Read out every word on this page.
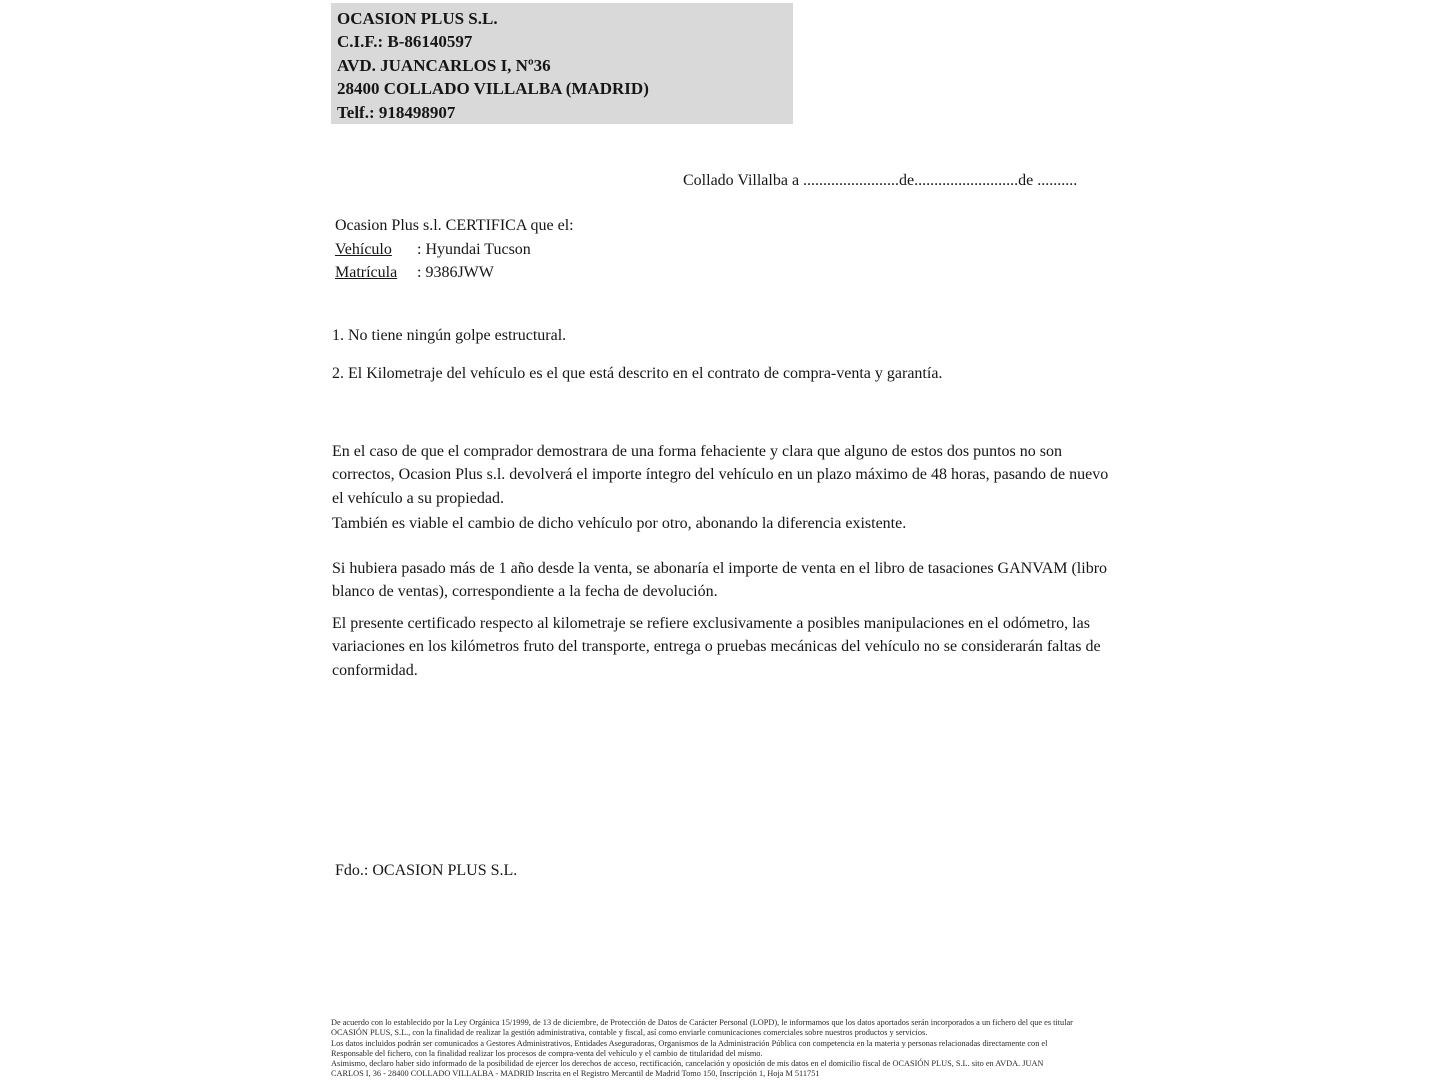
OCASION PLUS S.L.
C.I.F.: B-86140597
AVD. JUANCARLOS I, Nº36
28400 COLLADO VILLALBA (MADRID)
Telf.: 918498907
Collado Villalba a ........................de..........................de ..........
Ocasion Plus s.l. CERTIFICA que el:
Vehículo : Hyundai Tucson
Matrícula : 9386JWW
1. No tiene ningún golpe estructural.
2. El Kilometraje del vehículo es el que está descrito en el contrato de compra-venta y garantía.
En el caso de que el comprador demostrara de una forma fehaciente y clara que alguno de estos dos puntos no son correctos, Ocasion Plus s.l. devolverá el importe íntegro del vehículo en un plazo máximo de 48 horas, pasando de nuevo el vehículo a su propiedad.
También es viable el cambio de dicho vehículo por otro, abonando la diferencia existente.
Si hubiera pasado más de 1 año desde la venta, se abonaría el importe de venta en el libro de tasaciones GANVAM (libro blanco de ventas), correspondiente a la fecha de devolución.
El presente certificado respecto al kilometraje se refiere exclusivamente a posibles manipulaciones en el odómetro, las variaciones en los kilómetros fruto del transporte, entrega o pruebas mecánicas del vehículo no se considerarán faltas de conformidad.
Fdo.: OCASION PLUS S.L.
De acuerdo con lo establecido por la Ley Orgánica 15/1999, de 13 de diciembre, de Protección de Datos de Carácter Personal (LOPD), le informamos que los datos aportados serán incorporados a un fichero del que es titular
OCASIÓN PLUS, S.L., con la finalidad de realizar la gestión administrativa, contable y fiscal, así como enviarle comunicaciones comerciales sobre nuestros productos y servicios.
Los datos incluidos podrán ser comunicados a Gestores Administrativos, Entidades Aseguradoras, Organismos de la Administración Pública con competencia en la materia y personas relacionadas directamente con el
Responsable del fichero, con la finalidad realizar los procesos de compra-venta del vehículo y el cambio de titularidad del mismo.
Asimismo, declaro haber sido informado de la posibilidad de ejercer los derechos de acceso, rectificación, cancelación y oposición de mis datos en el domicilio fiscal de OCASIÓN PLUS, S.L. sito en AVDA. JUAN
CARLOS I, 36 - 28400 COLLADO VILLALBA - MADRID Inscrita en el Registro Mercantil de Madrid Tomo 150, Inscripción 1, Hoja M 511751
